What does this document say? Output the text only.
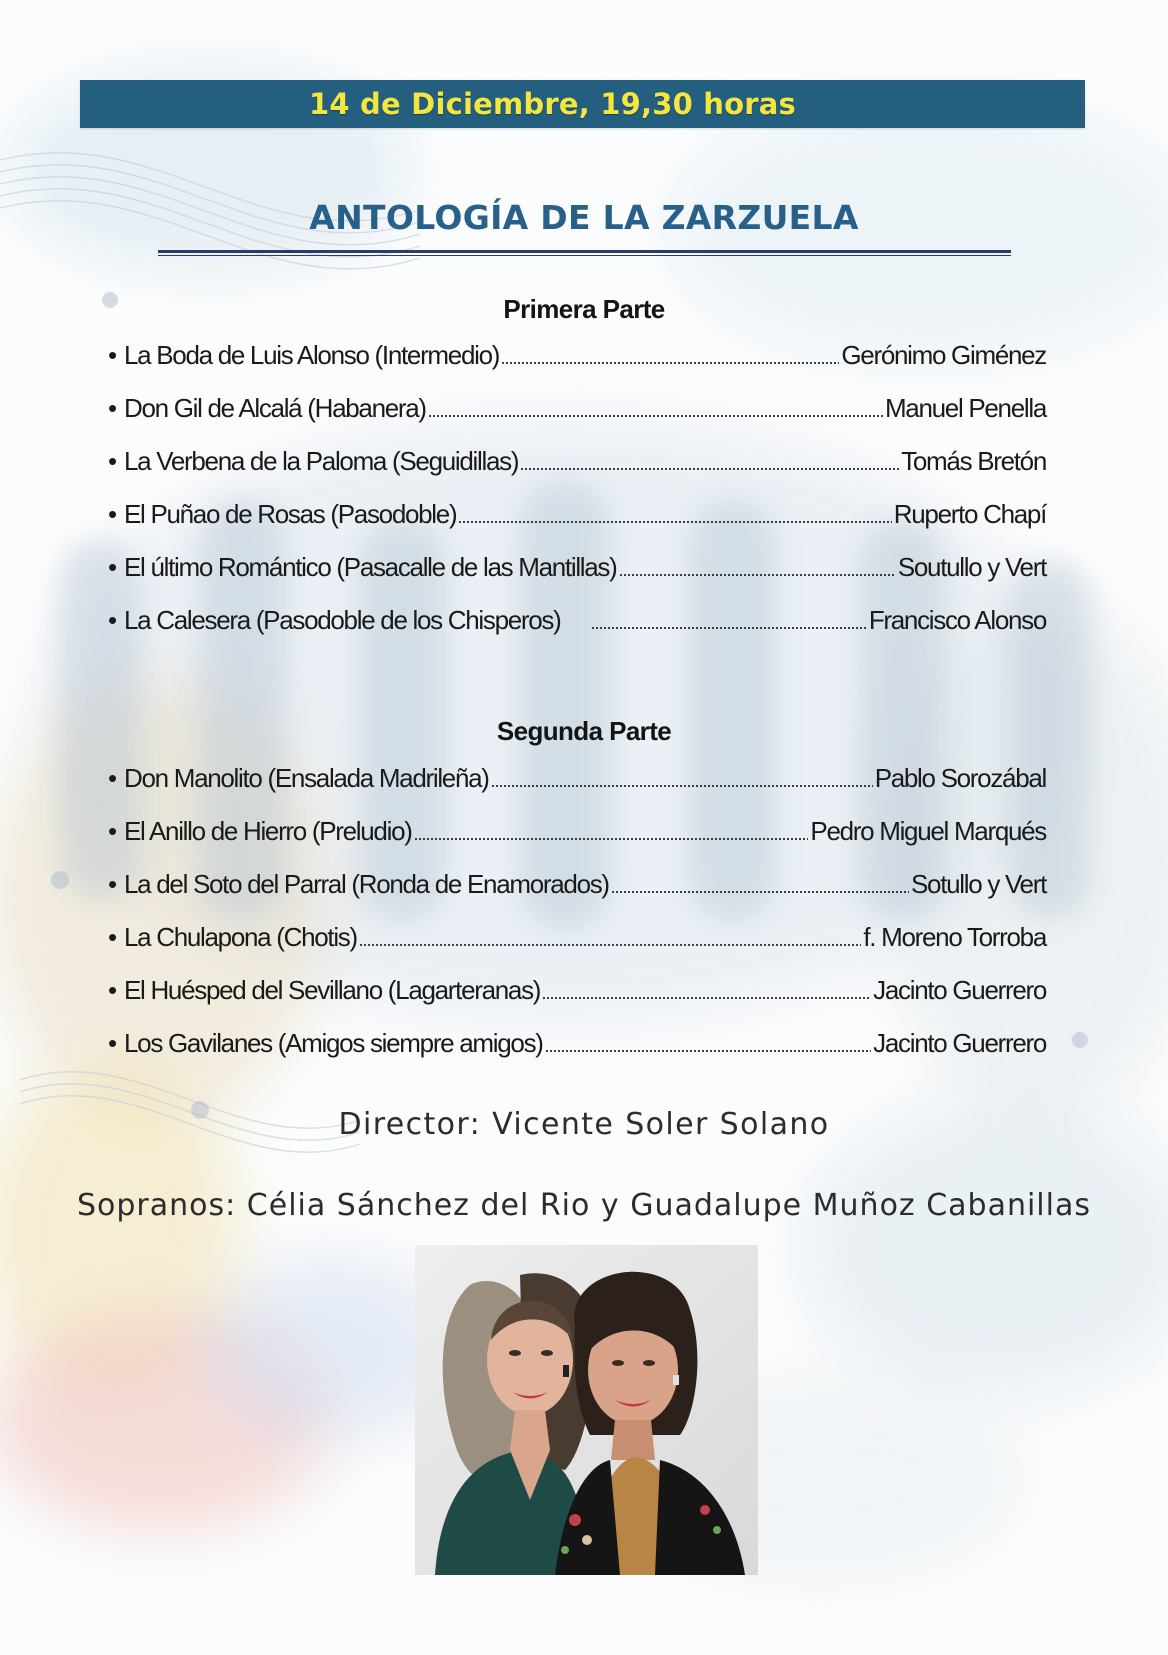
14 de Diciembre, 19,30 horas
ANTOLOGÍA DE LA ZARZUELA
Primera Parte
• La Boda de Luis Alonso (Intermedio)	Gerónimo Giménez
• Don Gil de Alcalá (Habanera)	Manuel Penella
• La Verbena de la Paloma (Seguidillas)	Tomás Bretón
• El Puñao de Rosas (Pasodoble)	Ruperto Chapí
• El último Romántico (Pasacalle de las Mantillas)	Soutullo y Vert
• La Calesera (Pasodoble de los Chisperos)	Francisco Alonso
Segunda Parte
• Don Manolito (Ensalada Madrileña)	Pablo Sorozábal
• El Anillo de Hierro (Preludio)	Pedro Miguel Marqués
• La del Soto del Parral (Ronda de Enamorados)	Sotullo y Vert
• La Chulapona (Chotis)	f. Moreno Torroba
• El Huésped del Sevillano (Lagarteranas)	Jacinto Guerrero
• Los Gavilanes (Amigos siempre amigos)	Jacinto Guerrero

Director: Vicente Soler Solano

Sopranos: Célia Sánchez del Rio y Guadalupe Muñoz Cabanillas
